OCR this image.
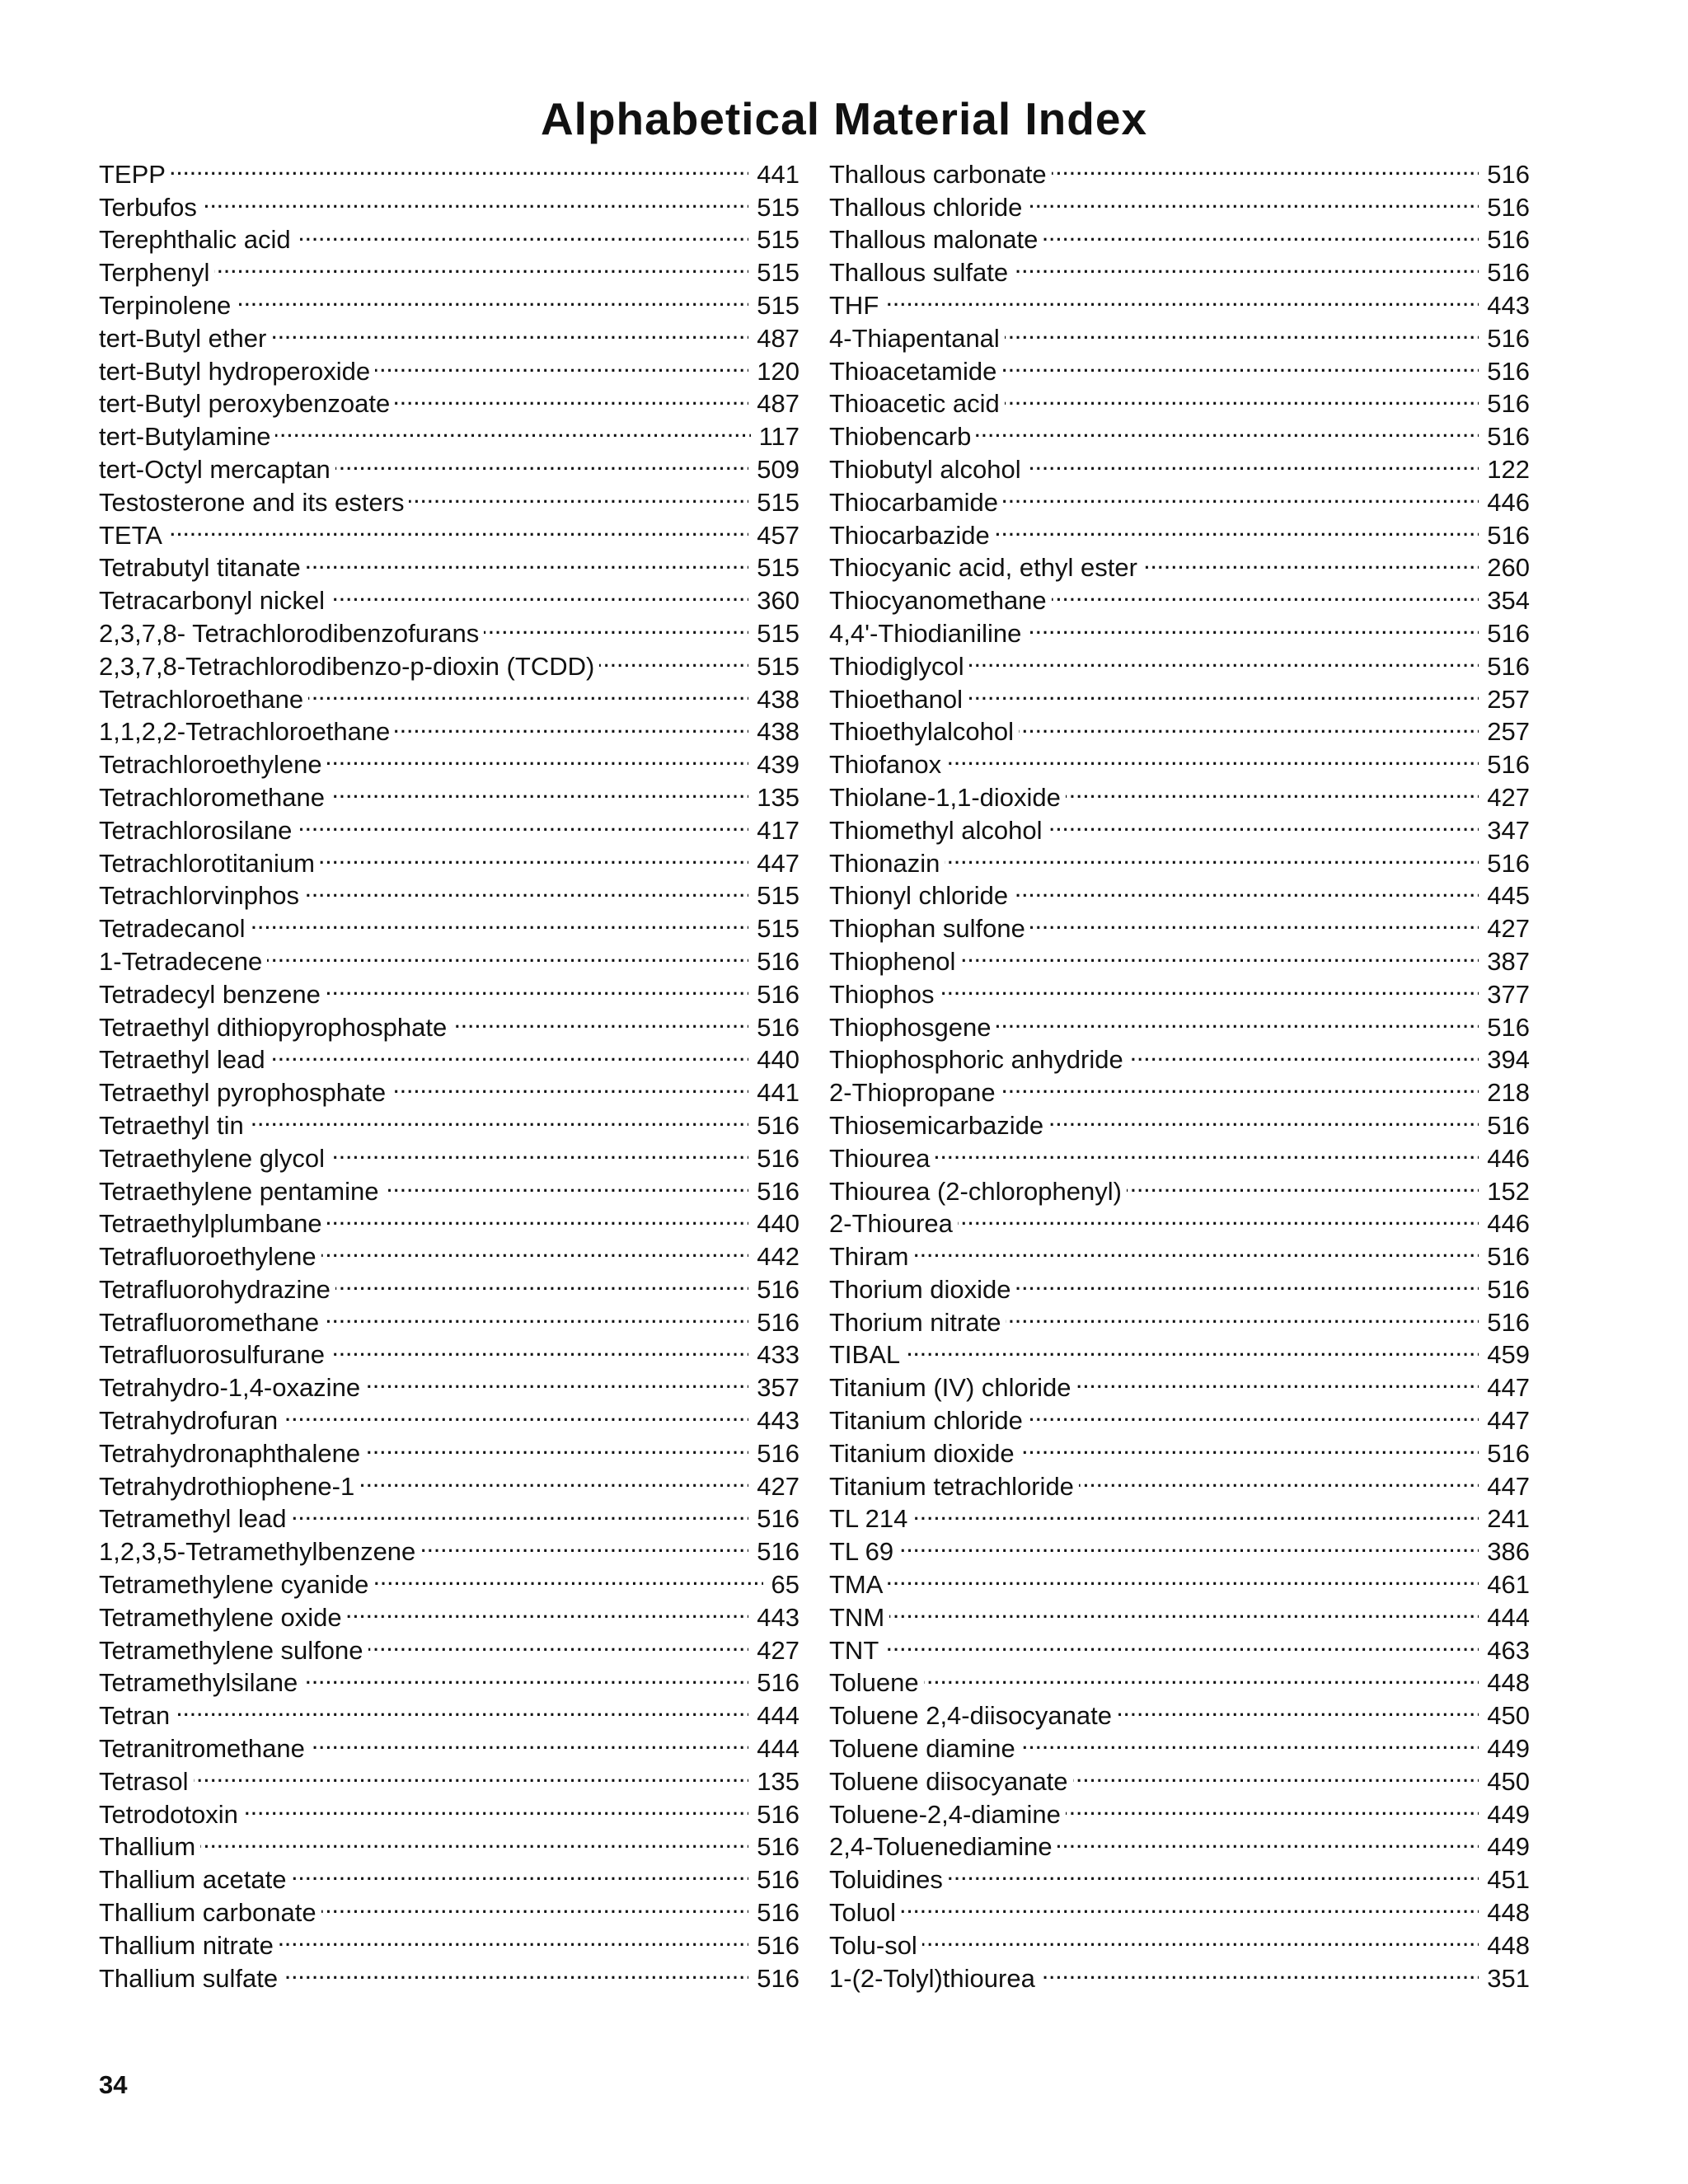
Alphabetical Material Index
TEPP . . .	441
Terbufos . . .	515
Terephthalic acid . . .	515
Terphenyl . . .	515
Terpinolene . . .	515
tert-Butyl ether . . .	487
tert-Butyl hydroperoxide . . .	120
tert-Butyl peroxybenzoate . . .	487
tert-Butylamine . . .	117
tert-Octyl mercaptan . . .	509
Testosterone and its esters . . .	515
TETA . . .	457
Tetrabutyl titanate . . .	515
Tetracarbonyl nickel . . .	360
2,3,7,8- Tetrachlorodibenzofurans . . .	515
2,3,7,8-Tetrachlorodibenzo-p-dioxin (TCDD) . . .	515
Tetrachloroethane . . .	438
1,1,2,2-Tetrachloroethane . . .	438
Tetrachloroethylene . . .	439
Tetrachloromethane . . .	135
Tetrachlorosilane . . .	417
Tetrachlorotitanium . . .	447
Tetrachlorvinphos . . .	515
Tetradecanol . . .	515
1-Tetradecene . . .	516
Tetradecyl benzene . . .	516
Tetraethyl dithiopyrophosphate . . .	516
Tetraethyl lead . . .	440
Tetraethyl pyrophosphate . . .	441
Tetraethyl tin . . .	516
Tetraethylene glycol . . .	516
Tetraethylene pentamine . . .	516
Tetraethylplumbane . . .	440
Tetrafluoroethylene . . .	442
Tetrafluorohydrazine . . .	516
Tetrafluoromethane . . .	516
Tetrafluorosulfurane . . .	433
Tetrahydro-1,4-oxazine . . .	357
Tetrahydrofuran . . .	443
Tetrahydronaphthalene . . .	516
Tetrahydrothiophene-1 . . .	427
Tetramethyl lead . . .	516
1,2,3,5-Tetramethylbenzene . . .	516
Tetramethylene cyanide . . .	65
Tetramethylene oxide . . .	443
Tetramethylene sulfone . . .	427
Tetramethylsilane . . .	516
Tetran . . .	444
Tetranitromethane . . .	444
Tetrasol . . .	135
Tetrodotoxin . . .	516
Thallium . . .	516
Thallium acetate . . .	516
Thallium carbonate . . .	516
Thallium nitrate . . .	516
Thallium sulfate . . .	516
Thallous carbonate . . .	516
Thallous chloride . . .	516
Thallous malonate . . .	516
Thallous sulfate . . .	516
THF . . .	443
4-Thiapentanal . . .	516
Thioacetamide . . .	516
Thioacetic acid . . .	516
Thiobencarb . . .	516
Thiobutyl alcohol . . .	122
Thiocarbamide . . .	446
Thiocarbazide . . .	516
Thiocyanic acid, ethyl ester . . .	260
Thiocyanomethane . . .	354
4,4'-Thiodianiline . . .	516
Thiodiglycol . . .	516
Thioethanol . . .	257
Thioethylalcohol . . .	257
Thiofanox . . .	516
Thiolane-1,1-dioxide . . .	427
Thiomethyl alcohol . . .	347
Thionazin . . .	516
Thionyl chloride . . .	445
Thiophan sulfone . . .	427
Thiophenol . . .	387
Thiophos . . .	377
Thiophosgene . . .	516
Thiophosphoric anhydride . . .	394
2-Thiopropane . . .	218
Thiosemicarbazide . . .	516
Thiourea . . .	446
Thiourea (2-chlorophenyl) . . .	152
2-Thiourea . . .	446
Thiram . . .	516
Thorium dioxide . . .	516
Thorium nitrate . . .	516
TIBAL . . .	459
Titanium (IV) chloride . . .	447
Titanium chloride . . .	447
Titanium dioxide . . .	516
Titanium tetrachloride . . .	447
TL 214 . . .	241
TL 69 . . .	386
TMA . . .	461
TNM . . .	444
TNT . . .	463
Toluene . . .	448
Toluene 2,4-diisocyanate . . .	450
Toluene diamine . . .	449
Toluene diisocyanate . . .	450
Toluene-2,4-diamine . . .	449
2,4-Toluenediamine . . .	449
Toluidines . . .	451
Toluol . . .	448
Tolu-sol . . .	448
1-(2-Tolyl)thiourea . . .	351

34
